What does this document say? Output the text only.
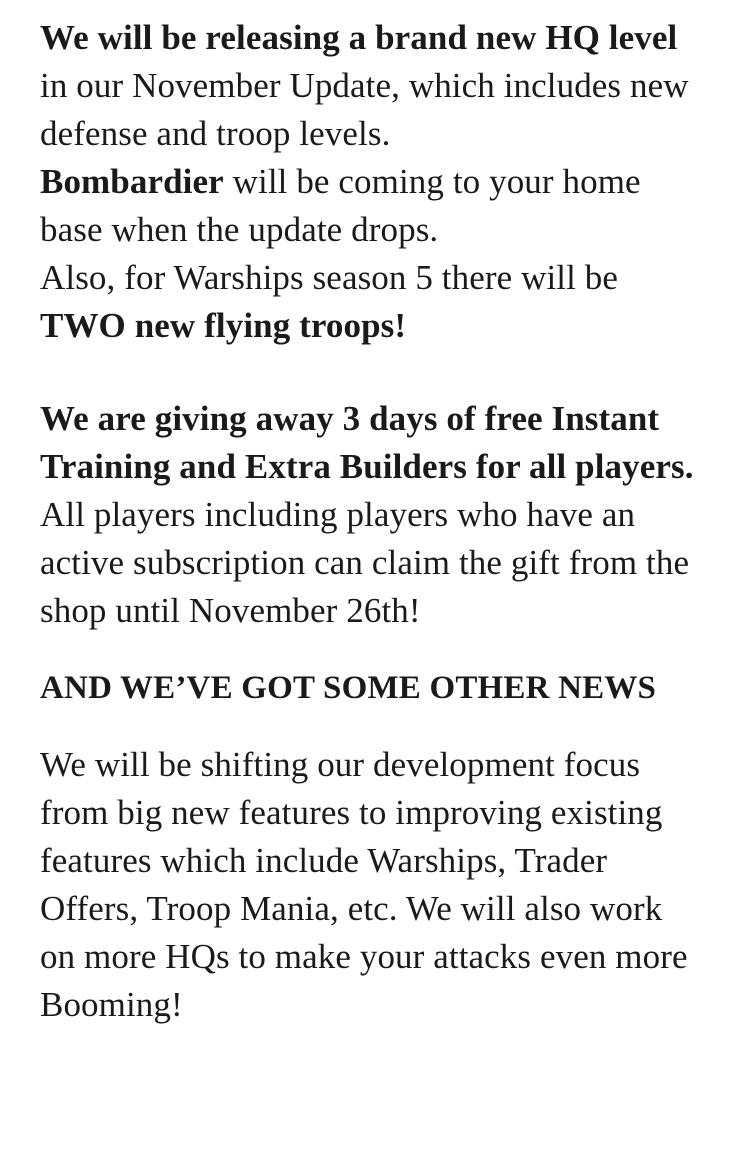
We will be releasing a brand new HQ level in our November Update, which includes new defense and troop levels.
Bombardier will be coming to your home base when the update drops.
Also, for Warships season 5 there will be TWO new flying troops!

We are giving away 3 days of free Instant Training and Extra Builders for all players. All players including players who have an active subscription can claim the gift from the shop until November 26th!

AND WE’VE GOT SOME OTHER NEWS

We will be shifting our development focus from big new features to improving existing features which include Warships, Trader Offers, Troop Mania, etc. We will also work on more HQs to make your attacks even more Booming!
